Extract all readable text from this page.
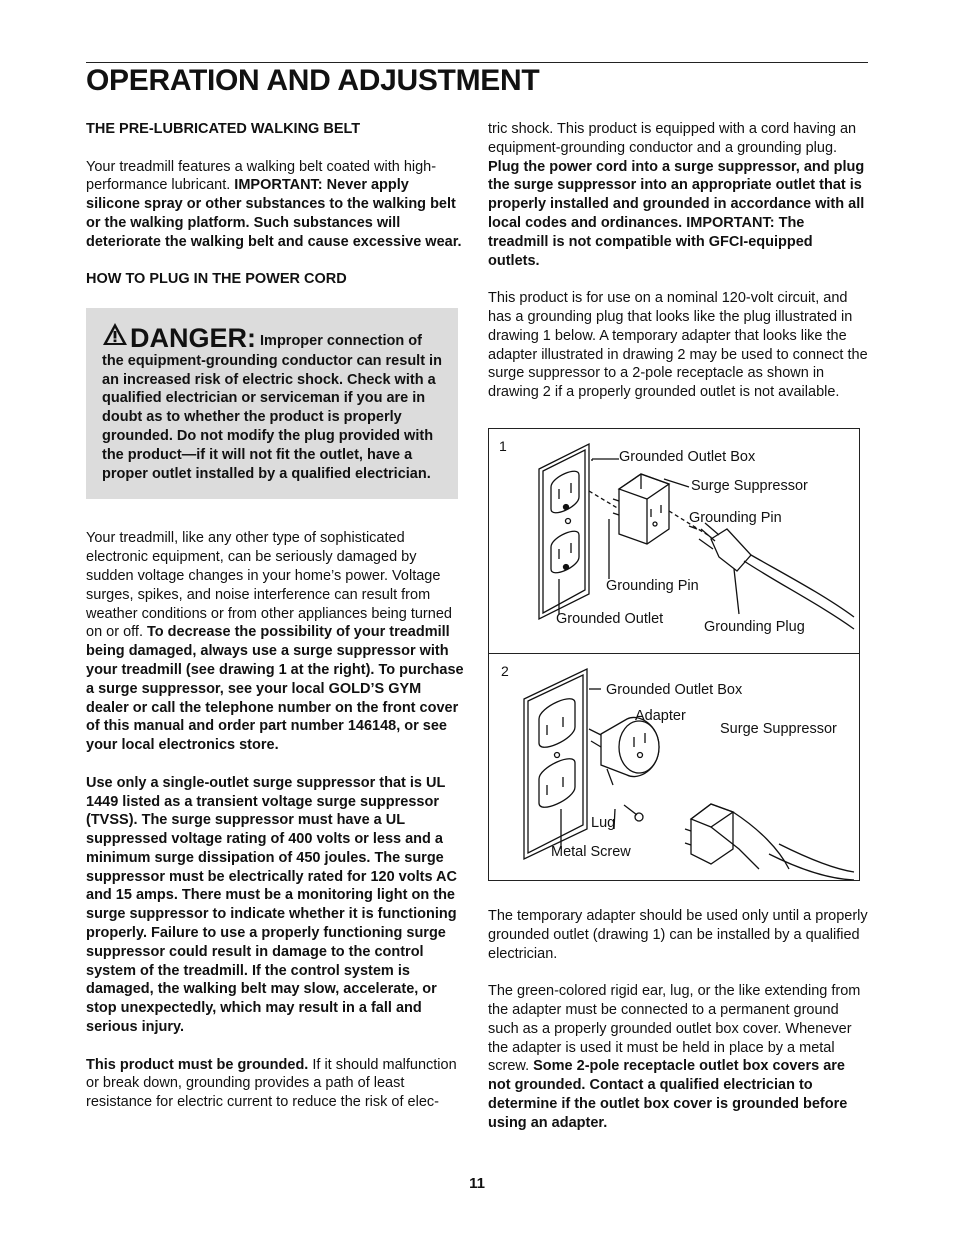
OPERATION AND ADJUSTMENT
THE PRE-LUBRICATED WALKING BELT

Your treadmill features a walking belt coated with high-performance lubricant. IMPORTANT: Never apply silicone spray or other substances to the walking belt or the walking platform. Such substances will deteriorate the walking belt and cause excessive wear.

HOW TO PLUG IN THE POWER CORD
DANGER: Improper connection of the equipment-grounding conductor can result in an increased risk of electric shock. Check with a qualified electrician or serviceman if you are in doubt as to whether the product is properly grounded. Do not modify the plug provided with the product—if it will not fit the outlet, have a proper outlet installed by a qualified electrician.

Your treadmill, like any other type of sophisticated electronic equipment, can be seriously damaged by sudden voltage changes in your home’s power. Voltage surges, spikes, and noise interference can result from weather conditions or from other appliances being turned on or off. To decrease the possibility of your treadmill being damaged, always use a surge suppressor with your treadmill (see drawing 1 at the right). To purchase a surge suppressor, see your local GOLD’S GYM dealer or call the telephone number on the front cover of this manual and order part number 146148, or see your local electronics store.

Use only a single-outlet surge suppressor that is UL 1449 listed as a transient voltage surge suppressor (TVSS). The surge suppressor must have a UL suppressed voltage rating of 400 volts or less and a minimum surge dissipation of 450 joules. The surge suppressor must be electrically rated for 120 volts AC and 15 amps. There must be a monitoring light on the surge suppressor to indicate whether it is functioning properly. Failure to use a properly functioning surge suppressor could result in damage to the control system of the treadmill. If the control system is damaged, the walking belt may slow, accelerate, or stop unexpectedly, which may result in a fall and serious injury.

This product must be grounded. If it should malfunction or break down, grounding provides a path of least resistance for electric current to reduce the risk of elec-

tric shock. This product is equipped with a cord having an equipment-grounding conductor and a grounding plug. Plug the power cord into a surge suppressor, and plug the surge suppressor into an appropriate outlet that is properly installed and grounded in accordance with all local codes and ordinances. IMPORTANT: The treadmill is not compatible with GFCI-equipped outlets.

This product is for use on a nominal 120-volt circuit, and has a grounding plug that looks like the plug illustrated in drawing 1 below. A temporary adapter that looks like the adapter illustrated in drawing 2 may be used to connect the surge suppressor to a 2-pole receptacle as shown in drawing 2 if a properly grounded outlet is not available.

1
Grounded Outlet Box
Surge Suppressor
Grounding Pin
Grounding Pin
Grounded Outlet	Grounding Plug
2
Grounded Outlet Box
Adapter
Surge Suppressor
Lug
Metal Screw

The temporary adapter should be used only until a properly grounded outlet (drawing 1) can be installed by a qualified electrician.

The green-colored rigid ear, lug, or the like extending from the adapter must be connected to a permanent ground such as a properly grounded outlet box cover. Whenever the adapter is used it must be held in place by a metal screw. Some 2-pole receptacle outlet box covers are not grounded. Contact a qualified electrician to determine if the outlet box cover is grounded before using an adapter.

11
